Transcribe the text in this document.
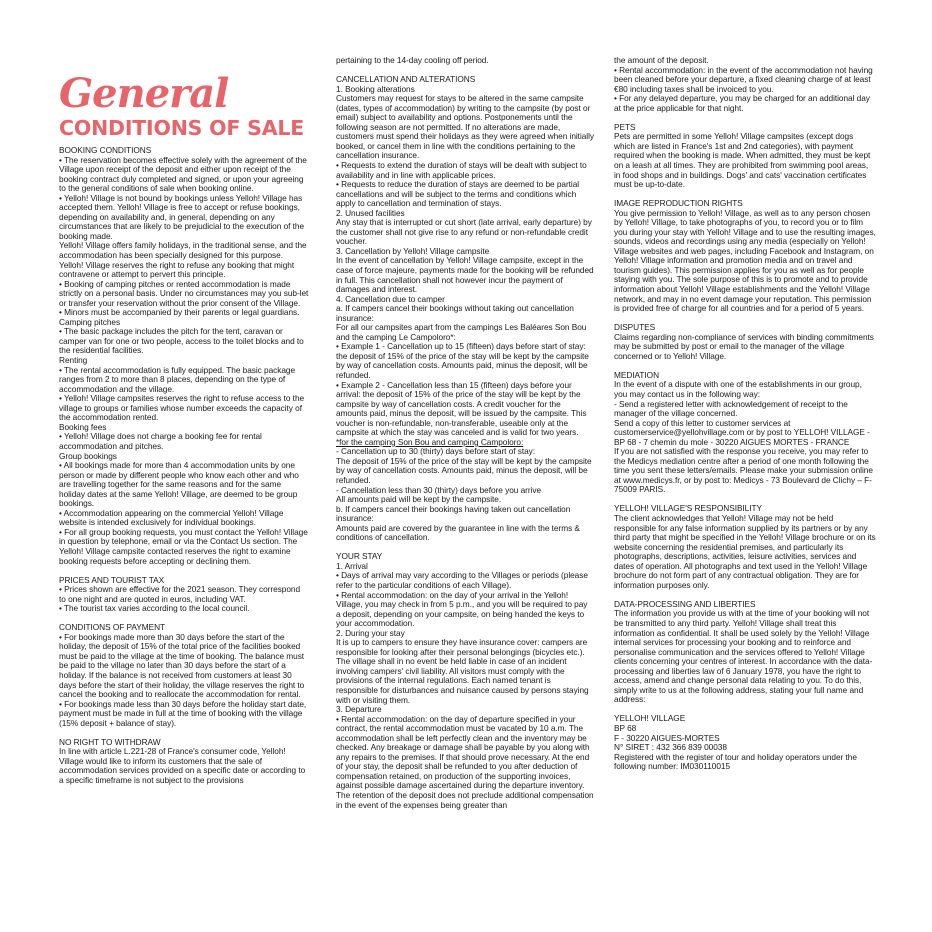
General
CONDITIONS OF SALE

BOOKING CONDITIONS

• The reservation becomes effective solely with the agreement of the Village upon receipt of the deposit and either upon receipt of the booking contract duly completed and signed, or upon your agreeing to the general conditions of sale when booking online.

• Yelloh! Village is not bound by bookings unless Yelloh! Village has accepted them. Yelloh! Village is free to accept or refuse bookings, depending on availability and, in general, depending on any circumstances that are likely to be prejudicial to the execution of the booking made.

Yelloh! Village offers family holidays, in the traditional sense, and the accommodation has been specially designed for this purpose. Yelloh! Village reserves the right to refuse any booking that might contravene or attempt to pervert this principle.

• Booking of camping pitches or rented accommodation is made strictly on a personal basis. Under no circumstances may you sub-let or transfer your reservation without the prior consent of the Village.

• Minors must be accompanied by their parents or legal guardians.

Camping pitches

• The basic package includes the pitch for the tent, caravan or camper van for one or two people, access to the toilet blocks and to the residential facilities.

Renting

• The rental accommodation is fully equipped. The basic package ranges from 2 to more than 8 places, depending on the type of accommodation and the village.

• Yelloh! Village campsites reserves the right to refuse access to the village to groups or families whose number exceeds the capacity of the accommodation rented.

Booking fees

• Yelloh! Village does not charge a booking fee for rental accommodation and pitches.

Group bookings

• All bookings made for more than 4 accommodation units by one person or made by different people who know each other and who are travelling together for the same reasons and for the same holiday dates at the same Yelloh! Village, are deemed to be group bookings.

• Accommodation appearing on the commercial Yelloh! Village website is intended exclusively for individual bookings.

• For all group booking requests, you must contact the Yelloh! Village in question by telephone, email or via the Contact Us section. The Yelloh! Village campsite contacted reserves the right to examine booking requests before accepting or declining them.

PRICES AND TOURIST TAX

• Prices shown are effective for the 2021 season. They correspond to one night and are quoted in euros, including VAT.

• The tourist tax varies according to the local council.

CONDITIONS OF PAYMENT

• For bookings made more than 30 days before the start of the holiday, the deposit of 15% of the total price of the facilities booked must be paid to the village at the time of booking. The balance must be paid to the village no later than 30 days before the start of a holiday. If the balance is not received from customers at least 30 days before the start of their holiday, the village reserves the right to cancel the booking and to reallocate the accommodation for rental.

• For bookings made less than 30 days before the holiday start date, payment must be made in full at the time of booking with the village (15% deposit + balance of stay).

NO RIGHT TO WITHDRAW

In line with article L.221-28 of France's consumer code, Yelloh! Village would like to inform its customers that the sale of accommodation services provided on a specific date or according to a specific timeframe is not subject to the provisions

pertaining to the 14-day cooling off period.

CANCELLATION AND ALTERATIONS

1. Booking alterations

Customers may request for stays to be altered in the same campsite (dates, types of accommodation) by writing to the campsite (by post or email) subject to availability and options. Postponements until the following season are not permitted. If no alterations are made, customers must spend their holidays as they were agreed when initially booked, or cancel them in line with the conditions pertaining to the cancellation insurance.

• Requests to extend the duration of stays will be dealt with subject to availability and in line with applicable prices.

• Requests to reduce the duration of stays are deemed to be partial cancellations and will be subject to the terms and conditions which apply to cancellation and termination of stays.

2. Unused facilities

Any stay that is interrupted or cut short (late arrival, early departure) by the customer shall not give rise to any refund or non-refundable credit voucher.

3. Cancellation by Yelloh! Village campsite

In the event of cancellation by Yelloh! Village campsite, except in the case of force majeure, payments made for the booking will be refunded in full. This cancellation shall not however incur the payment of damages and interest.

4. Cancellation due to camper

a. If campers cancel their bookings without taking out cancellation insurance:

For all our campsites apart from the campings Les Baléares Son Bou and the camping Le Campoloro*:

• Example 1 - Cancellation up to 15 (fifteen) days before start of stay: the deposit of 15% of the price of the stay will be kept by the campsite by way of cancellation costs. Amounts paid, minus the deposit, will be refunded.

• Example 2 - Cancellation less than 15 (fifteen) days before your arrival: the deposit of 15% of the price of the stay will be kept by the campsite by way of cancellation costs. A credit voucher for the amounts paid, minus the deposit, will be issued by the campsite. This voucher is non-refundable, non-transferable, useable only at the campsite at which the stay was canceled and is valid for two years.

*for the camping Son Bou and camping Campoloro:

- Cancellation up to 30 (thirty) days before start of stay:

The deposit of 15% of the price of the stay will be kept by the campsite by way of cancellation costs. Amounts paid, minus the deposit, will be refunded.

- Cancellation less than 30 (thirty) days before you arrive

All amounts paid will be kept by the campsite.

b. If campers cancel their bookings having taken out cancellation insurance:

Amounts paid are covered by the guarantee in line with the terms & conditions of cancellation.

YOUR STAY

1. Arrival

• Days of arrival may vary according to the Villages or periods (please refer to the particular conditions of each Village).

• Rental accommodation: on the day of your arrival in the Yelloh! Village, you may check in from 5 p.m., and you will be required to pay a deposit, depending on your campsite, on being handed the keys to your accommodation.

2. During your stay

It is up to campers to ensure they have insurance cover: campers are responsible for looking after their personal belongings (bicycles etc.). The village shall in no event be held liable in case of an incident involving campers' civil liability. All visitors must comply with the provisions of the internal regulations. Each named tenant is responsible for disturbances and nuisance caused by persons staying with or visiting them.

3. Departure

• Rental accommodation: on the day of departure specified in your contract, the rental accommodation must be vacated by 10 a.m. The accommodation shall be left perfectly clean and the inventory may be checked. Any breakage or damage shall be payable by you along with any repairs to the premises. If that should prove necessary. At the end of your stay, the deposit shall be refunded to you after deduction of compensation retained, on production of the supporting invoices, against possible damage ascertained during the departure inventory. The retention of the deposit does not preclude additional compensation in the event of the expenses being greater than

the amount of the deposit.

• Rental accommodation: in the event of the accommodation not having been cleaned before your departure, a fixed cleaning charge of at least €80 including taxes shall be invoiced to you.

• For any delayed departure, you may be charged for an additional day at the price applicable for that night.

PETS

Pets are permitted in some Yelloh! Village campsites (except dogs which are listed in France's 1st and 2nd categories), with payment required when the booking is made. When admitted, they must be kept on a leash at all times. They are prohibited from swimming pool areas, in food shops and in buildings. Dogs' and cats' vaccination certificates must be up-to-date.

IMAGE REPRODUCTION RIGHTS

You give permission to Yelloh! Village, as well as to any person chosen by Yelloh! Village, to take photographs of you, to record you or to film you during your stay with Yelloh! Village and to use the resulting images, sounds, videos and recordings using any media (especially on Yelloh! Village websites and web pages, including Facebook and Instagram, on Yelloh! Village information and promotion media and on travel and tourism guides). This permission applies for you as well as for people staying with you. The sole purpose of this is to promote and to provide information about Yelloh! Village establishments and the Yelloh! Village network, and may in no event damage your reputation. This permission is provided free of charge for all countries and for a period of 5 years.

DISPUTES

Claims regarding non-compliance of services with binding commitments may be submitted by post or email to the manager of the village concerned or to Yelloh! Village.

MEDIATION

In the event of a dispute with one of the establishments in our group, you may contact us in the following way:

- Send a registered letter with acknowledgement of receipt to the manager of the village concerned.

Send a copy of this letter to customer services at customerservice@yellohvillage.com or by post to YELLOH! VILLAGE - BP 68 - 7 chemin du mole - 30220 AIGUES MORTES - FRANCE

If you are not satisfied with the response you receive, you may refer to the Medicys mediation centre after a period of one month following the time you sent these letters/emails. Please make your submission online at www.medicys.fr, or by post to: Medicys - 73 Boulevard de Clichy – F-75009 PARIS.

YELLOH! VILLAGE'S RESPONSIBILITY

The client acknowledges that Yelloh! Village may not be held responsible for any false information supplied by its partners or by any third party that might be specified in the Yelloh! Village brochure or on its website concerning the residential premises, and particularly its photographs, descriptions, activities, leisure activities, services and dates of operation. All photographs and text used in the Yelloh! Village brochure do not form part of any contractual obligation. They are for information purposes only.

DATA-PROCESSING AND LIBERTIES

The information you provide us with at the time of your booking will not be transmitted to any third party. Yelloh! Village shall treat this information as confidential. It shall be used solely by the Yelloh! Village internal services for processing your booking and to reinforce and personalise communication and the services offered to Yelloh! Village clients concerning your centres of interest. In accordance with the data-processing and liberties law of 6 January 1978, you have the right to access, amend and change personal data relating to you. To do this, simply write to us at the following address, stating your full name and address:

YELLOH! VILLAGE

BP 68

F - 30220 AIGUES-MORTES

N° SIRET : 432 366 839 00038

Registered with the register of tour and holiday operators under the following number: IM030110015
